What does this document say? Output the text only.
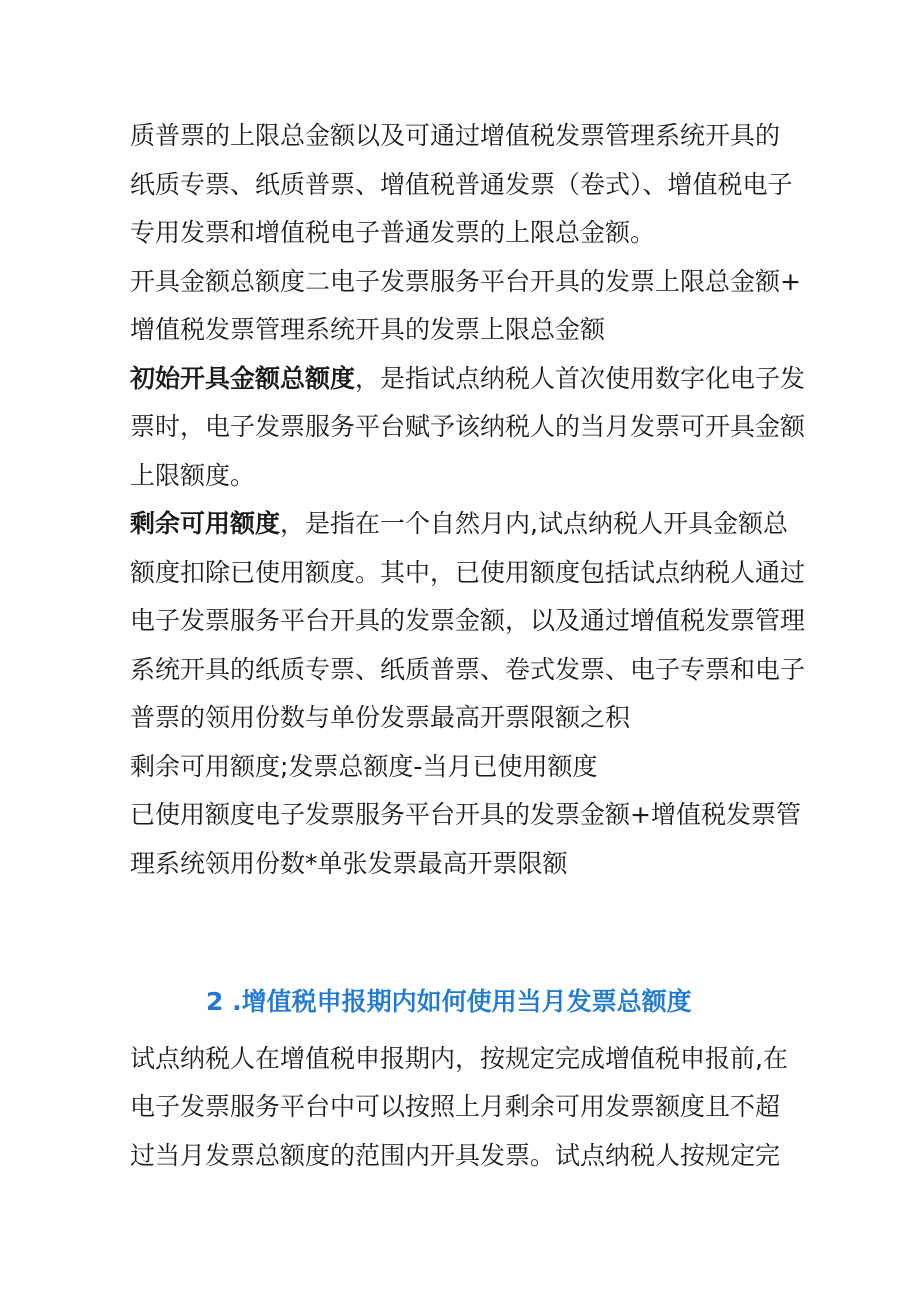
质普票的上限总金额以及可通过增值税发票管理系统开具的
纸质专票、纸质普票、增值税普通发票（卷式）、增值税电子
专用发票和增值税电子普通发票的上限总金额。
开具金额总额度二电子发票服务平台开具的发票上限总金额+
增值税发票管理系统开具的发票上限总金额
初始开具金额总额度，是指试点纳税人首次使用数字化电子发
票时，电子发票服务平台赋予该纳税人的当月发票可开具金额
上限额度。
剩余可用额度，是指在一个自然月内,试点纳税人开具金额总
额度扣除已使用额度。其中，已使用额度包括试点纳税人通过
电子发票服务平台开具的发票金额，以及通过增值税发票管理
系统开具的纸质专票、纸质普票、卷式发票、电子专票和电子
普票的领用份数与单份发票最高开票限额之积
剩余可用额度;发票总额度-当月已使用额度
已使用额度电子发票服务平台开具的发票金额+增值税发票管
理系统领用份数*单张发票最高开票限额
2 .增值税申报期内如何使用当月发票总额度
试点纳税人在增值税申报期内，按规定完成增值税申报前,在
电子发票服务平台中可以按照上月剩余可用发票额度且不超
过当月发票总额度的范围内开具发票。试点纳税人按规定完
